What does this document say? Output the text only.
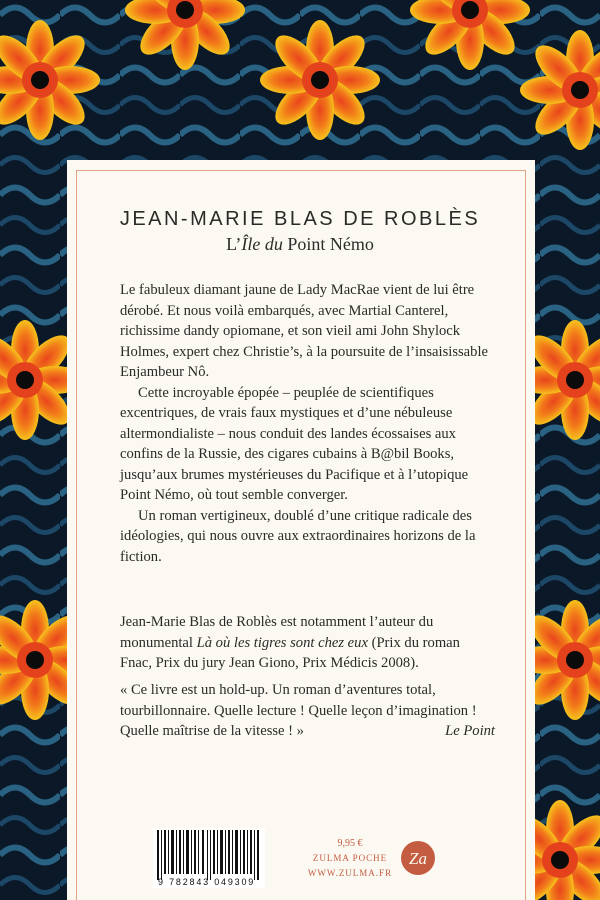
JEAN-MARIE BLAS DE ROBLÈS
L’Île du Point Némo

Le fabuleux diamant jaune de Lady MacRae vient de lui être dérobé. Et nous voilà embarqués, avec Martial Canterel, richissime dandy opiomane, et son vieil ami John Shylock Holmes, expert chez Christie’s, à la poursuite de l’insaisissable Enjambeur Nô.

Cette incroyable épopée – peuplée de scientifiques excentriques, de vrais faux mystiques et d’une nébuleuse altermondialiste – nous conduit des landes écossaises aux confins de la Russie, des cigares cubains à B@bil Books, jusqu’aux brumes mystérieuses du Pacifique et à l’utopique Point Némo, où tout semble converger.

Un roman vertigineux, doublé d’une critique radicale des idéologies, qui nous ouvre aux extraordinaires horizons de la fiction.

Jean-Marie Blas de Roblès est notamment l’auteur du monumental Là où les tigres sont chez eux (Prix du roman Fnac, Prix du jury Jean Giono, Prix Médicis 2008).

« Ce livre est un hold-up. Un roman d’aventures total, tourbillonnaire. Quelle lecture ! Quelle leçon d’imagination ! Quelle maîtrise de la vitesse ! »	Le Point
9 782843 049309
9,95 €
ZULMA POCHE
WWW.ZULMA.FR
Za
